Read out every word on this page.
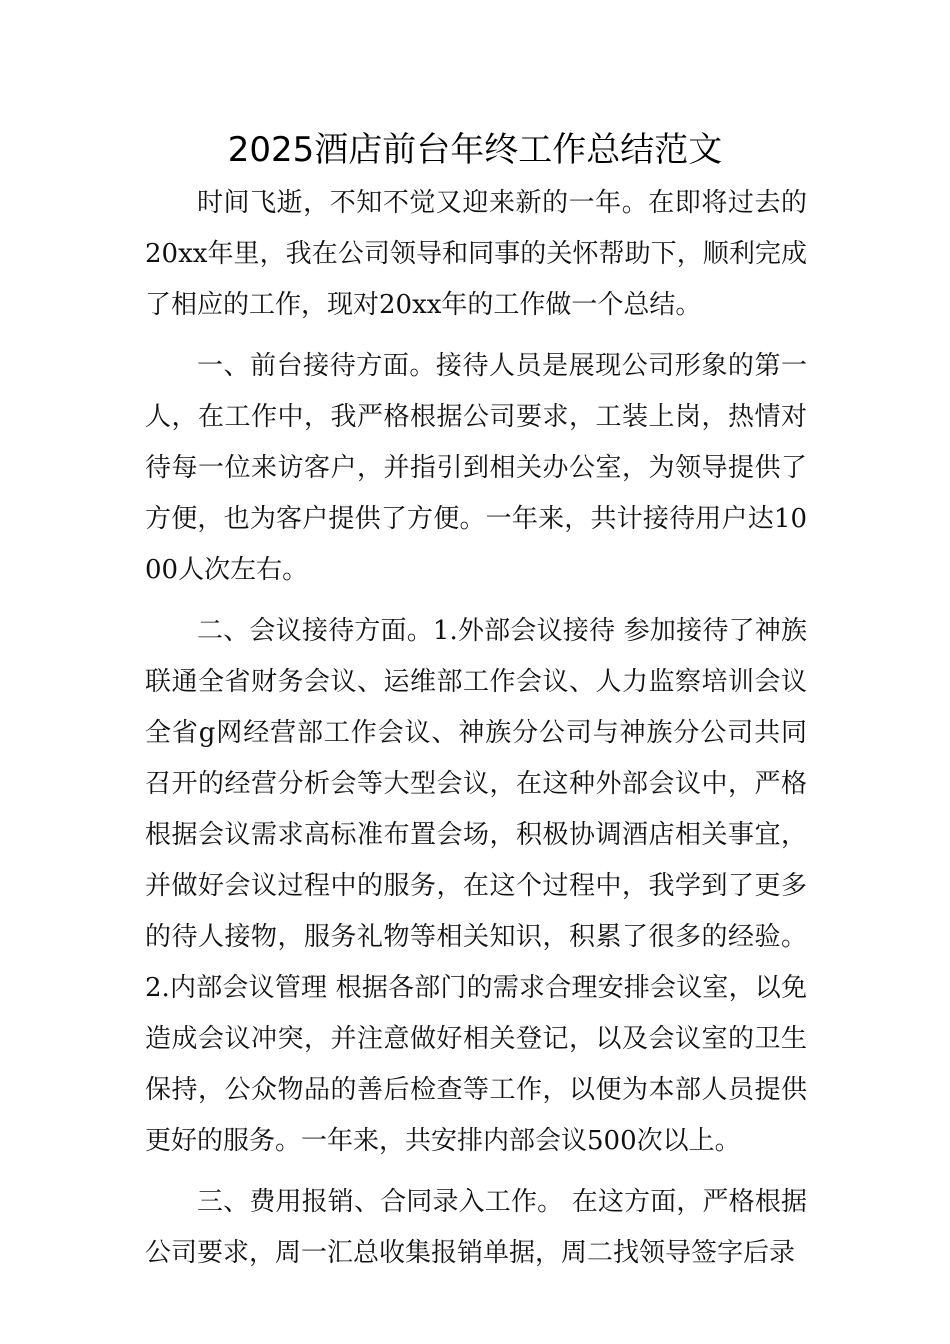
2025酒店前台年终工作总结范文

时间飞逝，不知不觉又迎来新的一年。在即将过去的20xx年里，我在公司领导和同事的关怀帮助下，顺利完成了相应的工作，现对20xx年的工作做一个总结。

一、前台接待方面。接待人员是展现公司形象的第一人，在工作中，我严格根据公司要求，工装上岗，热情对待每一位来访客户，并指引到相关办公室，为领导提供了方便，也为客户提供了方便。一年来，共计接待用户达1000人次左右。

二、会议接待方面。1.外部会议接待 参加接待了神族联通全省财务会议、运维部工作会议、人力监察培训会议全省g网经营部工作会议、神族分公司与神族分公司共同召开的经营分析会等大型会议，在这种外部会议中，严格根据会议需求高标准布置会场，积极协调酒店相关事宜，并做好会议过程中的服务，在这个过程中，我学到了更多的待人接物，服务礼物等相关知识，积累了很多的经验。 2.内部会议管理 根据各部门的需求合理安排会议室，以免造成会议冲突，并注意做好相关登记，以及会议室的卫生保持，公众物品的善后检查等工作，以便为本部人员提供更好的服务。一年来，共安排内部会议500次以上。

三、费用报销、合同录入工作。 在这方面，严格根据公司要求，周一汇总收集报销单据，周二找领导签字后录
